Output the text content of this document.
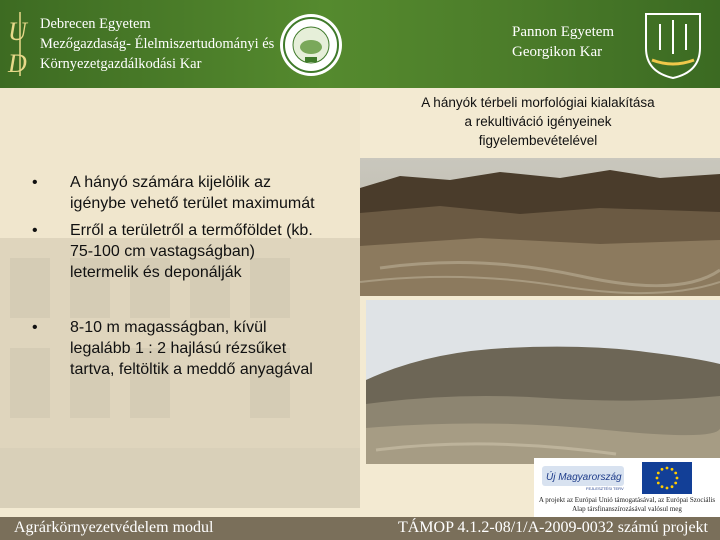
U
D
Debrecen Egyetem
Mezőgazdaság- Élelmiszertudományi és
Környezetgazdálkodási Kar
Pannon Egyetem
Georgikon Kar
A hányók térbeli morfológiai kialakítása
a rekultiváció igényeinek
figyelembevételével
• A hányó számára kijelölik az igénybe vehető terület maximumát
• Erről a területről a termőföldet (kb. 75-100 cm vastagságban) letermelik és deponálják
• 8-10 m magasságban, kívül legalább 1 : 2 hajlású rézsűket tartva, feltöltik a meddő anyagával
Új Magyarország
FEJLESZTÉSI TERV
A projekt az Európai Unió támogatásával, az Európai Szociális Alap társfinanszírozásával valósul meg
Agrárkörnyezetvédelem modul	TÁMOP 4.1.2-08/1/A-2009-0032 számú projekt
